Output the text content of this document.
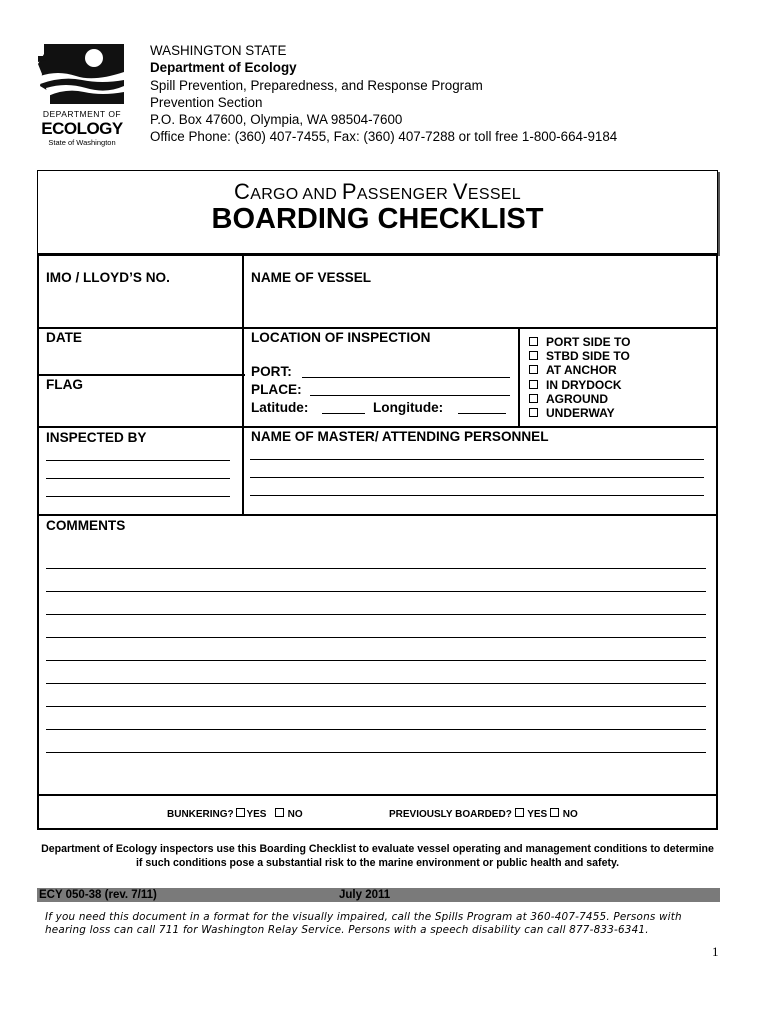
DEPARTMENT OF
ECOLOGY
State of Washington
WASHINGTON STATE
Department of Ecology
Spill Prevention, Preparedness, and Response Program
Prevention Section
P.O. Box 47600, Olympia, WA 98504-7600
Office Phone: (360) 407-7455, Fax: (360) 407-7288 or toll free 1-800-664-9184
CARGO AND PASSENGER VESSEL
BOARDING CHECKLIST
IMO / LLOYD’S NO.	NAME OF VESSEL
DATE
FLAG
LOCATION OF INSPECTION
PORT:
PLACE:
Latitude:	Longitude:
PORT SIDE TO
STBD SIDE TO
AT ANCHOR
IN DRYDOCK
AGROUND
UNDERWAY
INSPECTED BY	NAME OF MASTER/ ATTENDING PERSONNEL
COMMENTS
BUNKERING? YES NO	PREVIOUSLY BOARDED? YES NO
Department of Ecology inspectors use this Boarding Checklist to evaluate vessel operating and management conditions to determine if such conditions pose a substantial risk to the marine environment or public health and safety.
ECY 050-38 (rev. 7/11)	July 2011
If you need this document in a format for the visually impaired, call the Spills Program at 360-407-7455. Persons with hearing loss can call 711 for Washington Relay Service. Persons with a speech disability can call 877-833-6341.
1
